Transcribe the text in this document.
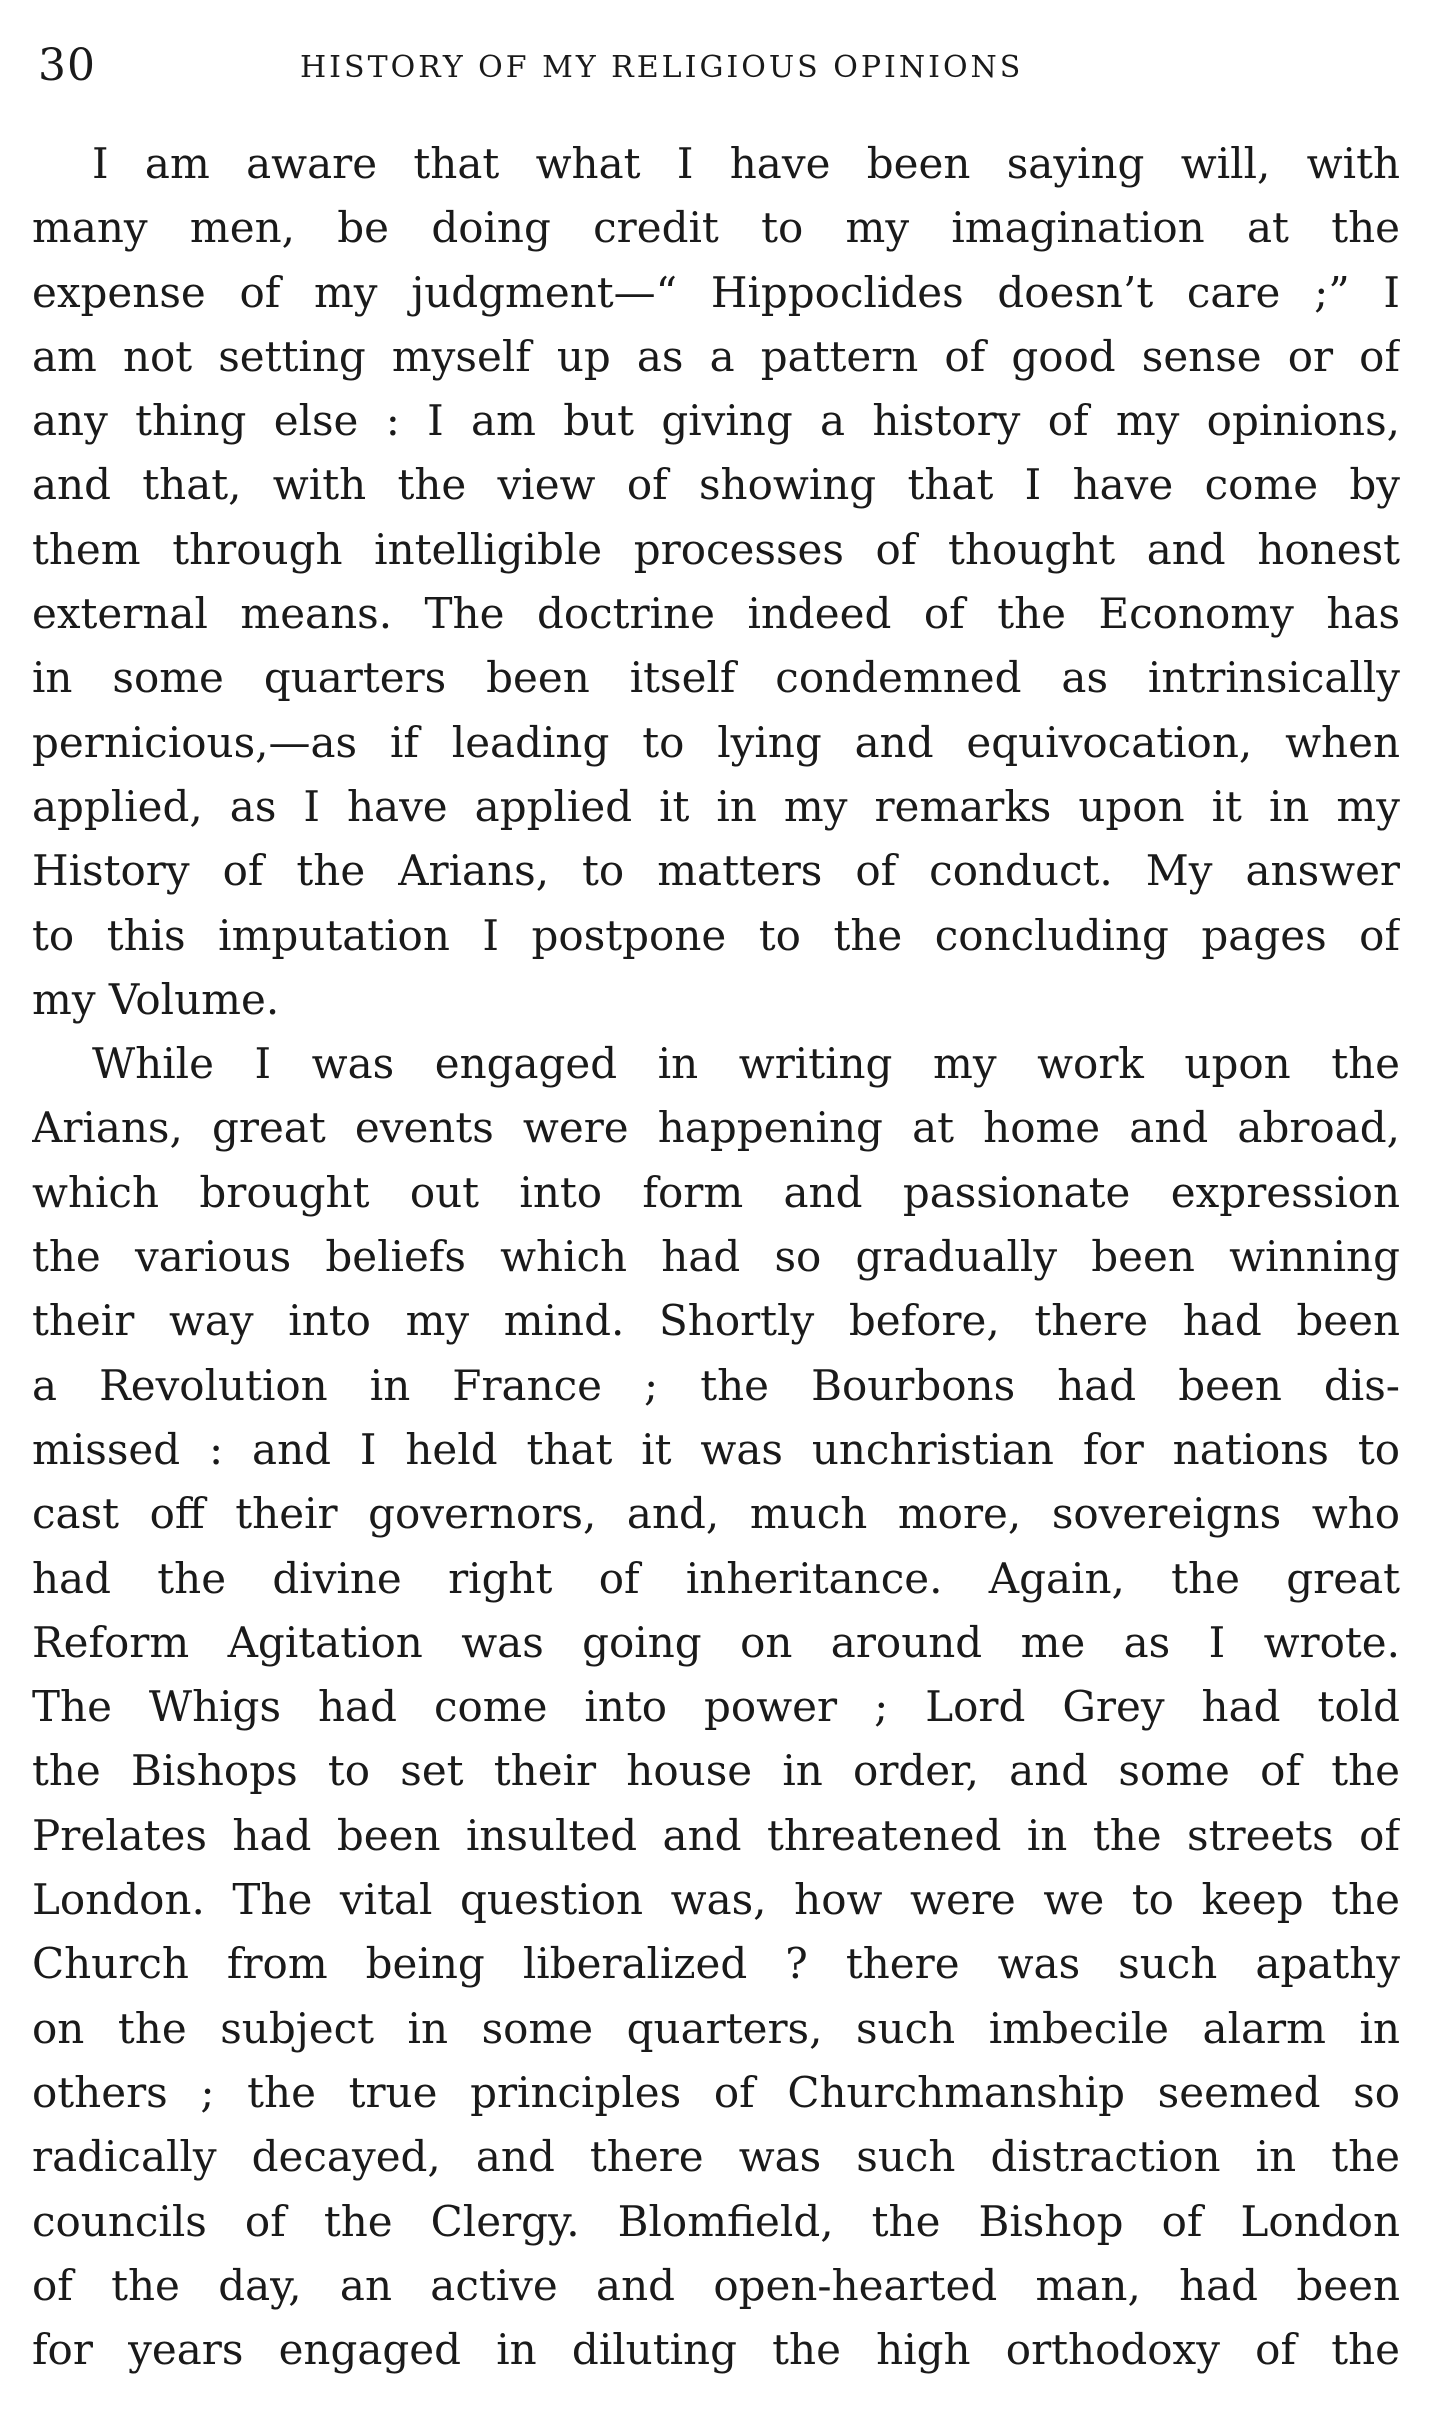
30	HISTORY OF MY RELIGIOUS OPINIONS
I am aware that what I have been saying will, with
many men, be doing credit to my imagination at the
expense of my judgment—“ Hippoclides doesn’t care ;” I
am not setting myself up as a pattern of good sense or of
any thing else : I am but giving a history of my opinions,
and that, with the view of showing that I have come by
them through intelligible processes of thought and honest
external means. The doctrine indeed of the Economy has
in some quarters been itself condemned as intrinsically
pernicious,—as if leading to lying and equivocation, when
applied, as I have applied it in my remarks upon it in my
History of the Arians, to matters of conduct. My answer
to this imputation I postpone to the concluding pages of
my Volume.
While I was engaged in writing my work upon the
Arians, great events were happening at home and abroad,
which brought out into form and passionate expression
the various beliefs which had so gradually been winning
their way into my mind. Shortly before, there had been
a Revolution in France ; the Bourbons had been dis-
missed : and I held that it was unchristian for nations to
cast off their governors, and, much more, sovereigns who
had the divine right of inheritance. Again, the great
Reform Agitation was going on around me as I wrote.
The Whigs had come into power ; Lord Grey had told
the Bishops to set their house in order, and some of the
Prelates had been insulted and threatened in the streets of
London. The vital question was, how were we to keep the
Church from being liberalized ? there was such apathy
on the subject in some quarters, such imbecile alarm in
others ; the true principles of Churchmanship seemed so
radically decayed, and there was such distraction in the
councils of the Clergy. Blomfield, the Bishop of London
of the day, an active and open-hearted man, had been
for years engaged in diluting the high orthodoxy of the
